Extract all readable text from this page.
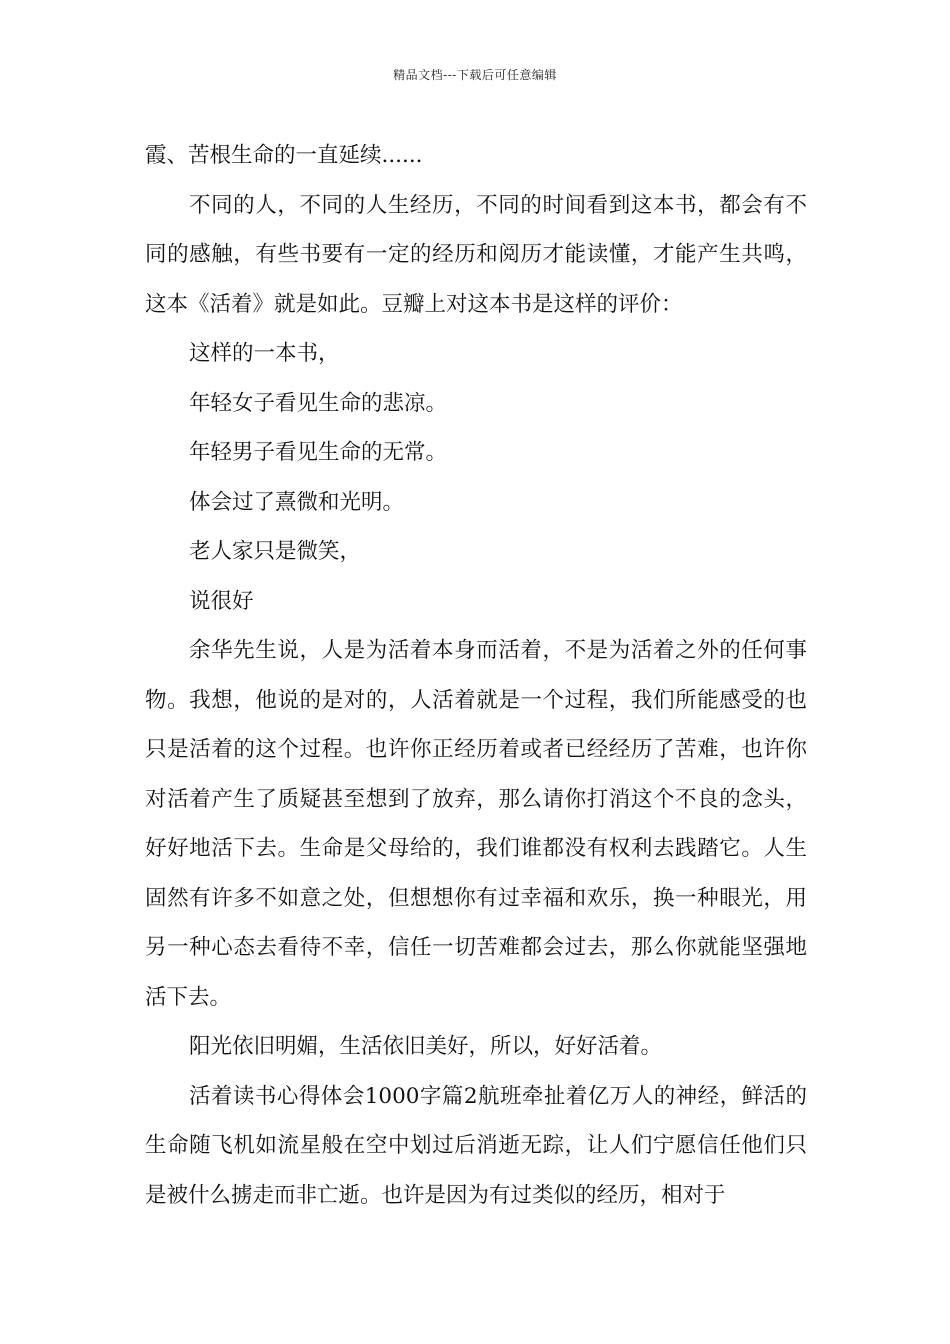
精品文档---下载后可任意编辑

霞、苦根生命的一直延续......

不同的人，不同的人生经历，不同的时间看到这本书，都会有不同的感触，有些书要有一定的经历和阅历才能读懂，才能产生共鸣，这本《活着》就是如此。豆瓣上对这本书是这样的评价：

这样的一本书，

年轻女子看见生命的悲凉。

年轻男子看见生命的无常。

体会过了熹微和光明。

老人家只是微笑，

说很好

余华先生说，人是为活着本身而活着，不是为活着之外的任何事物。我想，他说的是对的，人活着就是一个过程，我们所能感受的也只是活着的这个过程。也许你正经历着或者已经经历了苦难，也许你对活着产生了质疑甚至想到了放弃，那么请你打消这个不良的念头，好好地活下去。生命是父母给的，我们谁都没有权利去践踏它。人生固然有许多不如意之处，但想想你有过幸福和欢乐，换一种眼光，用另一种心态去看待不幸，信任一切苦难都会过去，那么你就能坚强地活下去。

阳光依旧明媚，生活依旧美好，所以，好好活着。

活着读书心得体会1000字篇2航班牵扯着亿万人的神经，鲜活的生命随飞机如流星般在空中划过后消逝无踪，让人们宁愿信任他们只是被什么掳走而非亡逝。也许是因为有过类似的经历，相对于
